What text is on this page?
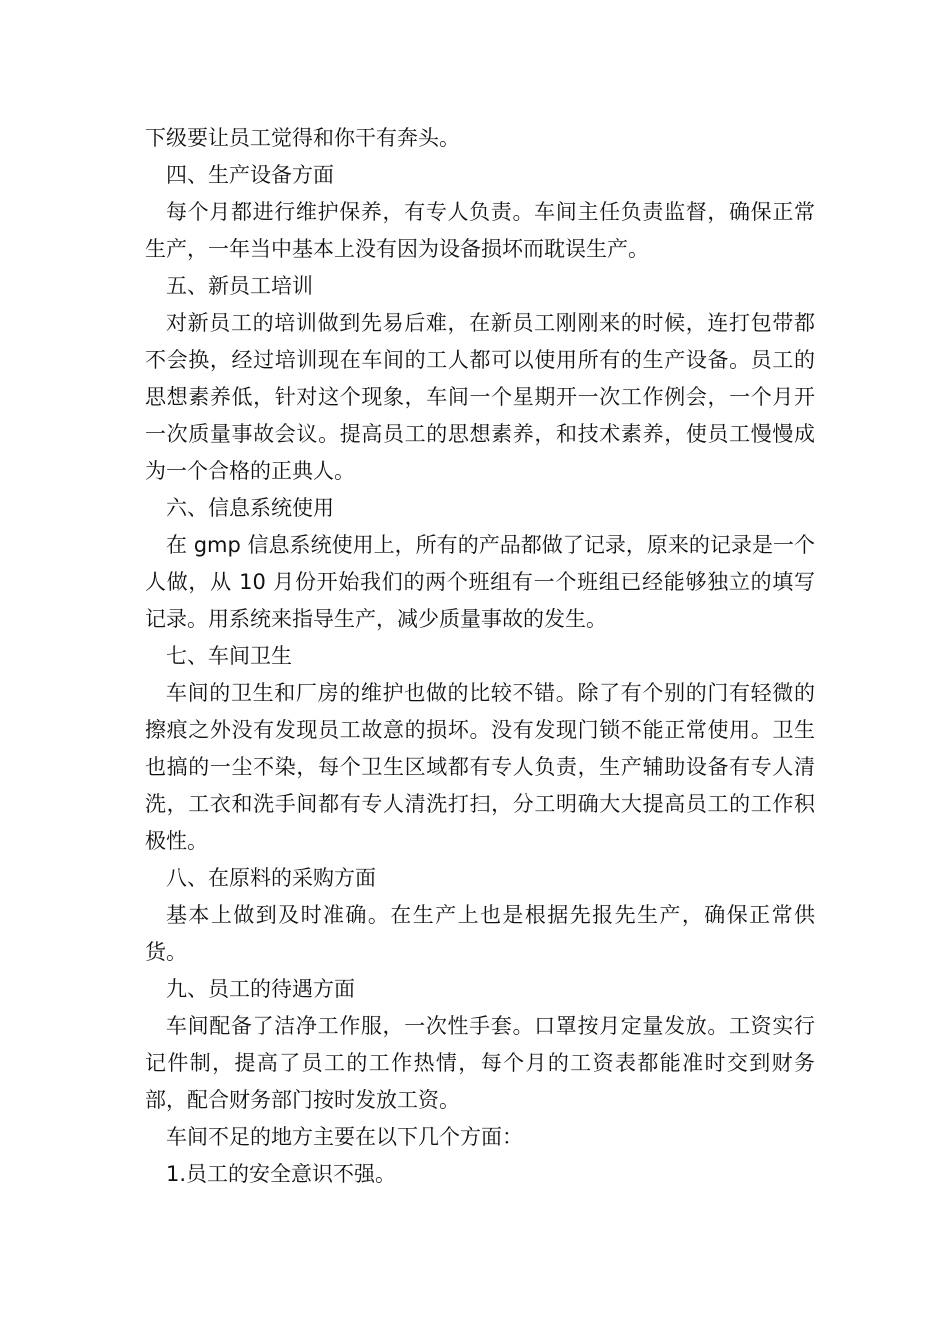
下级要让员工觉得和你干有奔头。

四、生产设备方面

每个月都进行维护保养，有专人负责。车间主任负责监督，确保正常生产，一年当中基本上没有因为设备损坏而耽误生产。

五、新员工培训

对新员工的培训做到先易后难，在新员工刚刚来的时候，连打包带都不会换，经过培训现在车间的工人都可以使用所有的生产设备。员工的思想素养低，针对这个现象，车间一个星期开一次工作例会，一个月开一次质量事故会议。提高员工的思想素养，和技术素养，使员工慢慢成为一个合格的正典人。

六、信息系统使用

在 gmp 信息系统使用上，所有的产品都做了记录，原来的记录是一个人做，从 10 月份开始我们的两个班组有一个班组已经能够独立的填写记录。用系统来指导生产，减少质量事故的发生。

七、车间卫生

车间的卫生和厂房的维护也做的比较不错。除了有个别的门有轻微的擦痕之外没有发现员工故意的损坏。没有发现门锁不能正常使用。卫生也搞的一尘不染，每个卫生区域都有专人负责，生产辅助设备有专人清洗，工衣和洗手间都有专人清洗打扫，分工明确大大提高员工的工作积极性。

八、在原料的采购方面

基本上做到及时准确。在生产上也是根据先报先生产，确保正常供货。

九、员工的待遇方面

车间配备了洁净工作服，一次性手套。口罩按月定量发放。工资实行记件制，提高了员工的工作热情，每个月的工资表都能准时交到财务部，配合财务部门按时发放工资。

车间不足的地方主要在以下几个方面：

1.员工的安全意识不强。
